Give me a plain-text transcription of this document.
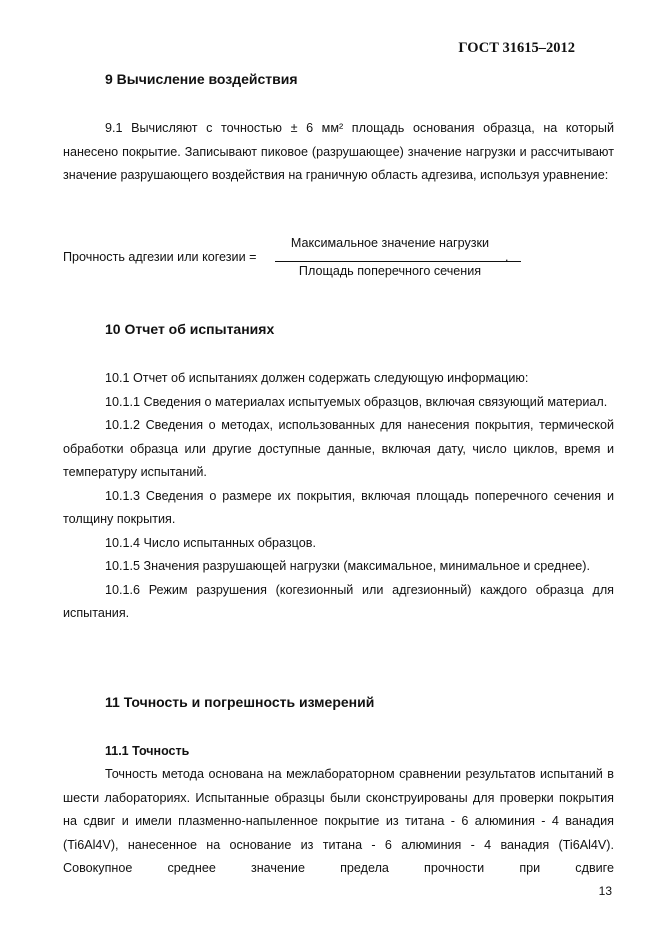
ГОСТ 31615–2012
9 Вычисление воздействия

9.1 Вычисляют с точностью ± 6 мм² площадь основания образца, на который нанесено покрытие. Записывают пиковое (разрушающее) значение нагрузки и рассчитывают значение разрушающего воздействия на граничную область адгезива, используя уравнение:

Прочность адгезии или когезии =
Максимальное значение нагрузки
Площадь поперечного сечения
.
10 Отчет об испытаниях

10.1 Отчет об испытаниях должен содержать следующую информацию:

10.1.1 Сведения о материалах испытуемых образцов, включая связующий материал.

10.1.2 Сведения о методах, использованных для нанесения покрытия, термической обработки образца или другие доступные данные, включая дату, число циклов, время и температуру испытаний.

10.1.3 Сведения о размере их покрытия, включая площадь поперечного сечения и толщину покрытия.

10.1.4 Число испытанных образцов.

10.1.5 Значения разрушающей нагрузки (максимальное, минимальное и среднее).

10.1.6 Режим разрушения (когезионный или адгезионный) каждого образца для испытания.

11 Точность и погрешность измерений
11.1 Точность

Точность метода основана на межлабораторном сравнении результатов испытаний в шести лабораториях. Испытанные образцы были сконструированы для проверки покрытия на сдвиг и имели плазменно-напыленное покрытие из титана - 6 алюминия - 4 ванадия (Ti6Al4V), нанесенное на основание из титана - 6 алюминия - 4 ванадия (Ti6Al4V). Совокупное среднее значение предела прочности при сдвиге

13
